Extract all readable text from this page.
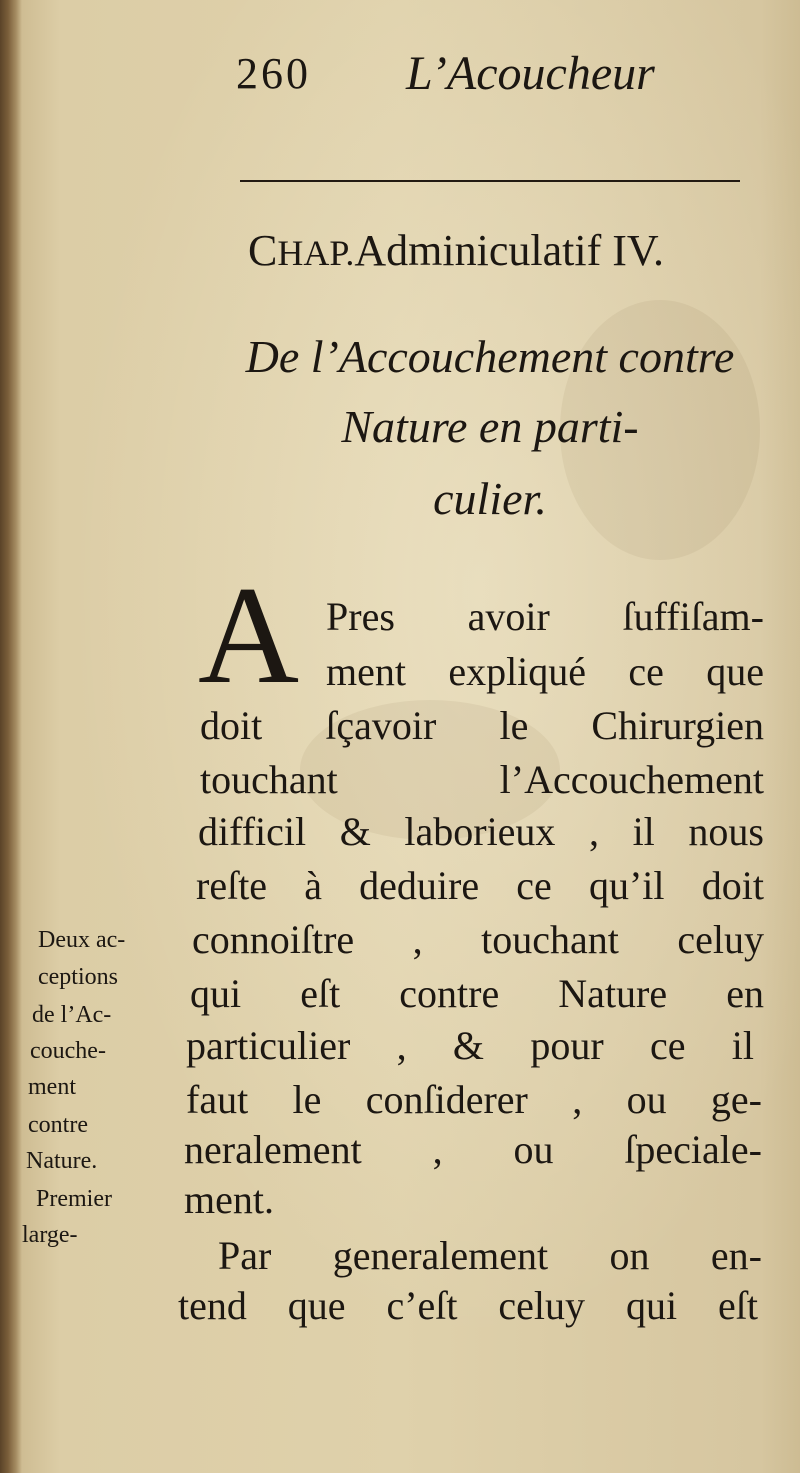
260 L’Acoucheur
CHAP.Adminiculatif IV.
De l’Accouchement contre
Nature en parti-
culier.
A Pres avoir ſuffiſam-
ment expliqué ce que
doit ſçavoir le Chirurgien
touchant	l’Accouchement
difficil & laborieux , il nous
reſte à deduire ce qu’il doit
connoiſtre , touchant celuy
qui eſt contre Nature en
particulier , & pour ce il
faut le conſiderer , ou ge-
neralement , ou ſpeciale-
ment.
Par generalement on en-
tend que c’eſt celuy qui eſt
Deux ac-
ceptions
de l’Ac-
couche-
ment
contre
Nature.
Premier
large-
